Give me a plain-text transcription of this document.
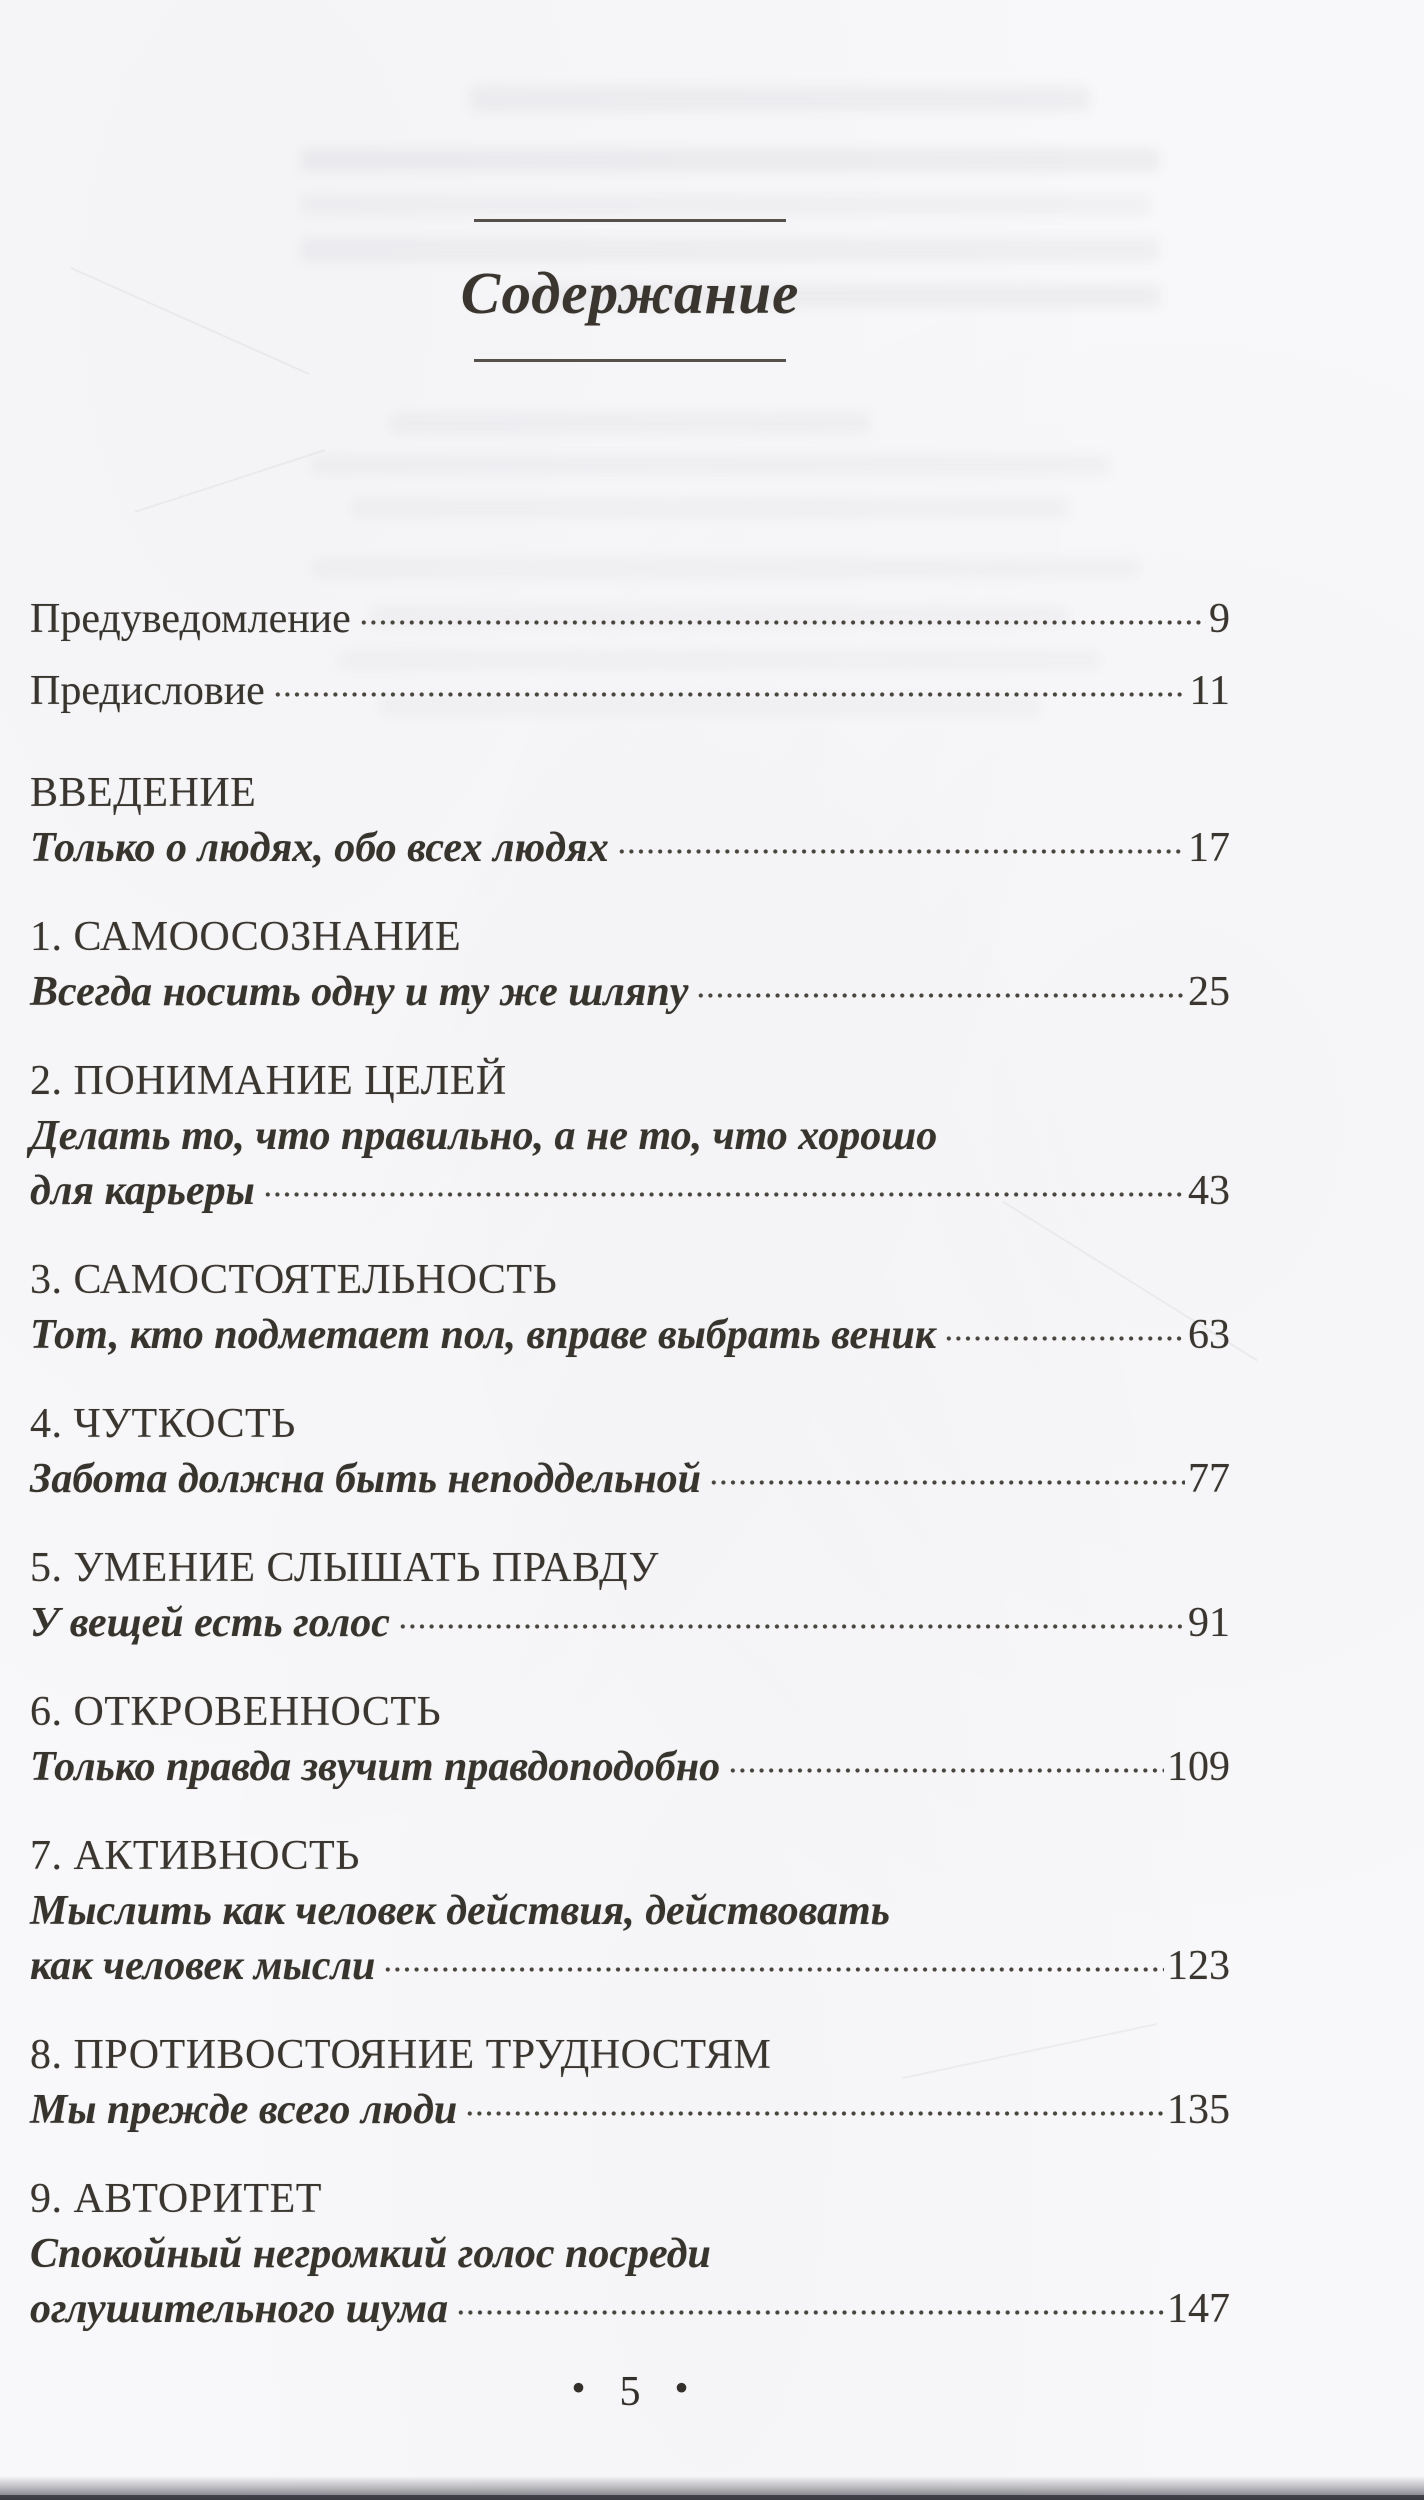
Содержание
Предуведомление	9
Предисловие	11
ВВЕДЕНИЕ
Только о людях, обо всех людях	17
1. САМООСОЗНАНИЕ
Всегда носить одну и ту же шляпу	25
2. ПОНИМАНИЕ ЦЕЛЕЙ
Делать то, что правильно, а не то, что хорошо
для карьеры	43
3. САМОСТОЯТЕЛЬНОСТЬ
Тот, кто подметает пол, вправе выбрать веник	63
4. ЧУТКОСТЬ
Забота должна быть неподдельной	77
5. УМЕНИЕ СЛЫШАТЬ ПРАВДУ
У вещей есть голос	91
6. ОТКРОВЕННОСТЬ
Только правда звучит правдоподобно	109
7. АКТИВНОСТЬ
Мыслить как человек действия, действовать
как человек мысли	123
8. ПРОТИВОСТОЯНИЕ ТРУДНОСТЯМ
Мы прежде всего люди	135
9. АВТОРИТЕТ
Спокойный негромкий голос посреди
оглушительного шума	147
• 5 •
